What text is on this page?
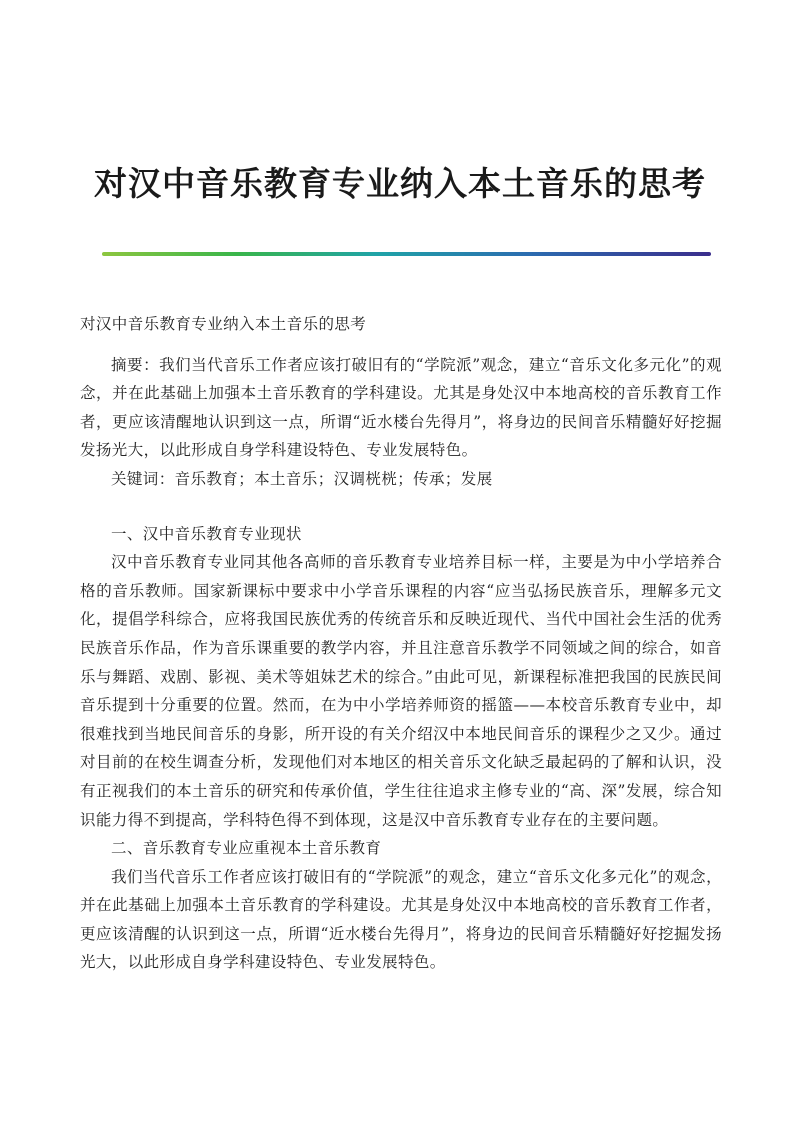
对汉中音乐教育专业纳入本土音乐的思考

对汉中音乐教育专业纳入本土音乐的思考

摘要：我们当代音乐工作者应该打破旧有的“学院派”观念，建立“音乐文化多元化”的观念，并在此基础上加强本土音乐教育的学科建设。尤其是身处汉中本地高校的音乐教育工作者，更应该清醒地认识到这一点，所谓“近水楼台先得月”，将身边的民间音乐精髓好好挖掘发扬光大，以此形成自身学科建设特色、专业发展特色。

关键词：音乐教育；本土音乐；汉调桄桄；传承；发展

一、汉中音乐教育专业现状

汉中音乐教育专业同其他各高师的音乐教育专业培养目标一样，主要是为中小学培养合格的音乐教师。国家新课标中要求中小学音乐课程的内容“应当弘扬民族音乐，理解多元文化，提倡学科综合，应将我国民族优秀的传统音乐和反映近现代、当代中国社会生活的优秀民族音乐作品，作为音乐课重要的教学内容，并且注意音乐教学不同领域之间的综合，如音乐与舞蹈、戏剧、影视、美术等姐妹艺术的综合。”由此可见，新课程标准把我国的民族民间音乐提到十分重要的位置。然而，在为中小学培养师资的摇篮——本校音乐教育专业中，却很难找到当地民间音乐的身影，所开设的有关介绍汉中本地民间音乐的课程少之又少。通过对目前的在校生调查分析，发现他们对本地区的相关音乐文化缺乏最起码的了解和认识，没有正视我们的本土音乐的研究和传承价值，学生往往追求主修专业的“高、深”发展，综合知识能力得不到提高，学科特色得不到体现，这是汉中音乐教育专业存在的主要问题。

二、音乐教育专业应重视本土音乐教育

我们当代音乐工作者应该打破旧有的“学院派”的观念，建立“音乐文化多元化”的观念，并在此基础上加强本土音乐教育的学科建设。尤其是身处汉中本地高校的音乐教育工作者，更应该清醒的认识到这一点，所谓“近水楼台先得月”，将身边的民间音乐精髓好好挖掘发扬光大，以此形成自身学科建设特色、专业发展特色。
